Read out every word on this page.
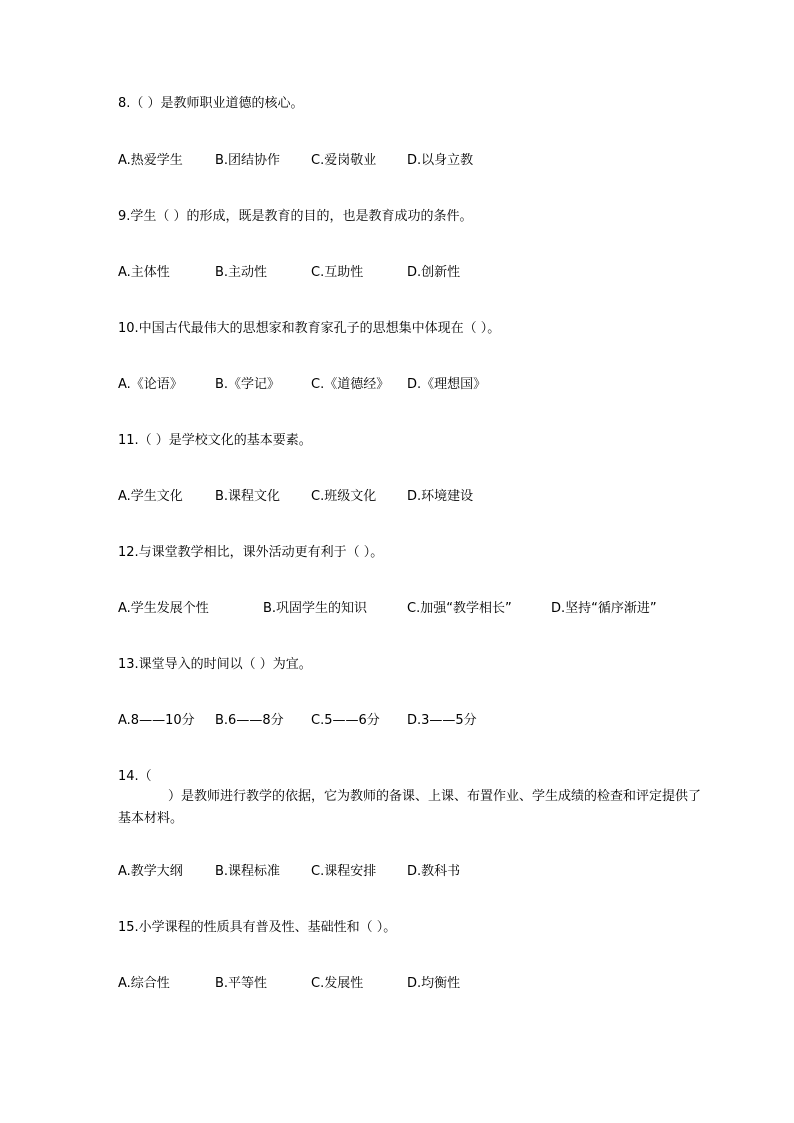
8.（ ）是教师职业道德的核心。
A.热爱学生 B.团结协作 C.爱岗敬业 D.以身立教
9.学生（ ）的形成，既是教育的目的，也是教育成功的条件。
A.主体性	B.主动性	C.互助性	D.创新性
10.中国古代最伟大的思想家和教育家孔子的思想集中体现在（ ）。
A.《论语》 B.《学记》 C.《道德经》 D.《理想国》
11.（ ）是学校文化的基本要素。
A.学生文化 B.课程文化 C.班级文化 D.环境建设
12.与课堂教学相比，课外活动更有利于（ ）。
A.学生发展个性	B.巩固学生的知识	C.加强“教学相长”	D.坚持“循序渐进”
13.课堂导入的时间以（ ）为宜。
A.8——10分 B.6——8分 C.5——6分 D.3——5分
14.（
）是教师进行教学的依据，它为教师的备课、上课、布置作业、学生成绩的检查和评定提供了
基本材料。
A.教学大纲 B.课程标准 C.课程安排 D.教科书
15.小学课程的性质具有普及性、基础性和（ ）。
A.综合性	B.平等性	C.发展性	D.均衡性
